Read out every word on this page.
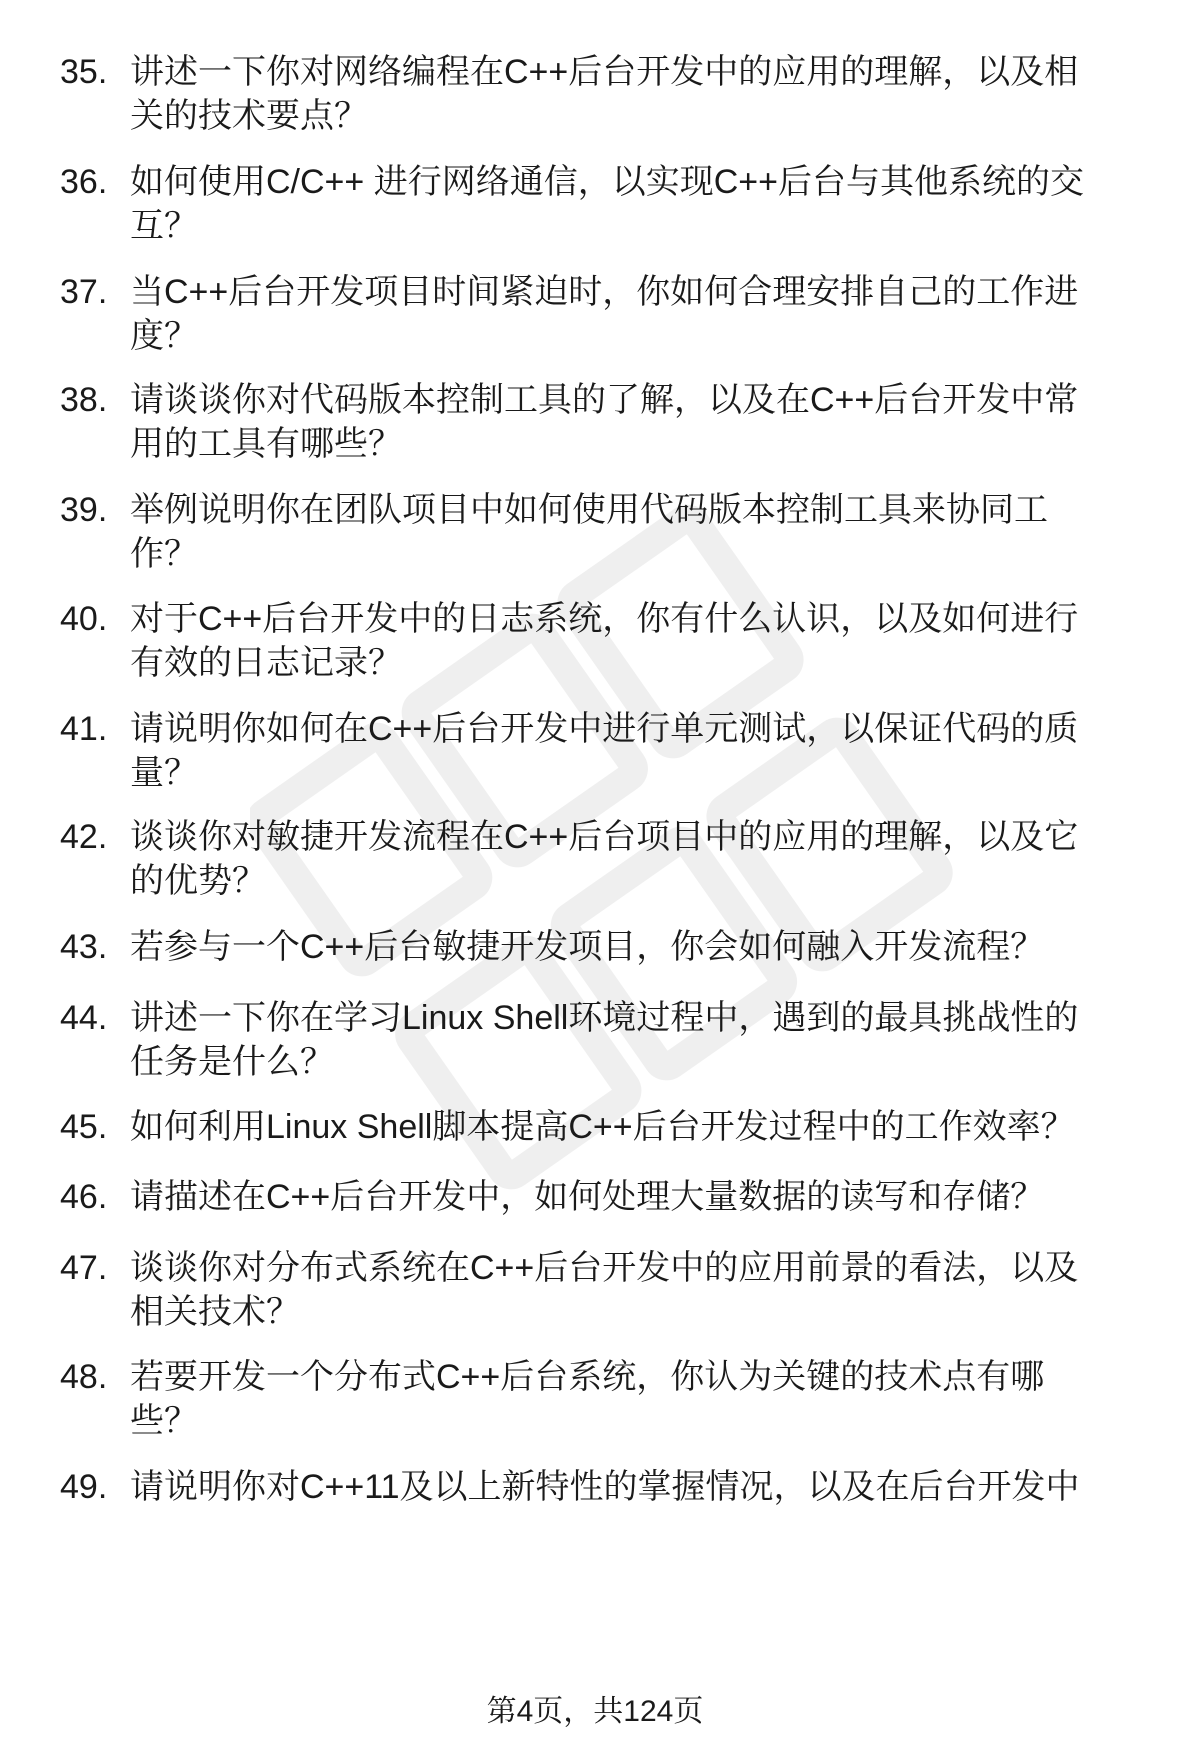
35. 讲述一下你对网络编程在C++后台开发中的应用的理解，以及相
关的技术要点？
36. 如何使用C/C++ 进行网络通信，以实现C++后台与其他系统的交
互？
37. 当C++后台开发项目时间紧迫时，你如何合理安排自己的工作进
度？
38. 请谈谈你对代码版本控制工具的了解，以及在C++后台开发中常
用的工具有哪些？
39. 举例说明你在团队项目中如何使用代码版本控制工具来协同工
作？
40. 对于C++后台开发中的日志系统，你有什么认识，以及如何进行
有效的日志记录？
41. 请说明你如何在C++后台开发中进行单元测试，以保证代码的质
量？
42. 谈谈你对敏捷开发流程在C++后台项目中的应用的理解，以及它
的优势？
43. 若参与一个C++后台敏捷开发项目，你会如何融入开发流程？
44. 讲述一下你在学习Linux Shell环境过程中，遇到的最具挑战性的
任务是什么？
45. 如何利用Linux Shell脚本提高C++后台开发过程中的工作效率？
46. 请描述在C++后台开发中，如何处理大量数据的读写和存储？
47. 谈谈你对分布式系统在C++后台开发中的应用前景的看法，以及
相关技术？
48. 若要开发一个分布式C++后台系统，你认为关键的技术点有哪
些？
49. 请说明你对C++11及以上新特性的掌握情况，以及在后台开发中
第4页，共124页
